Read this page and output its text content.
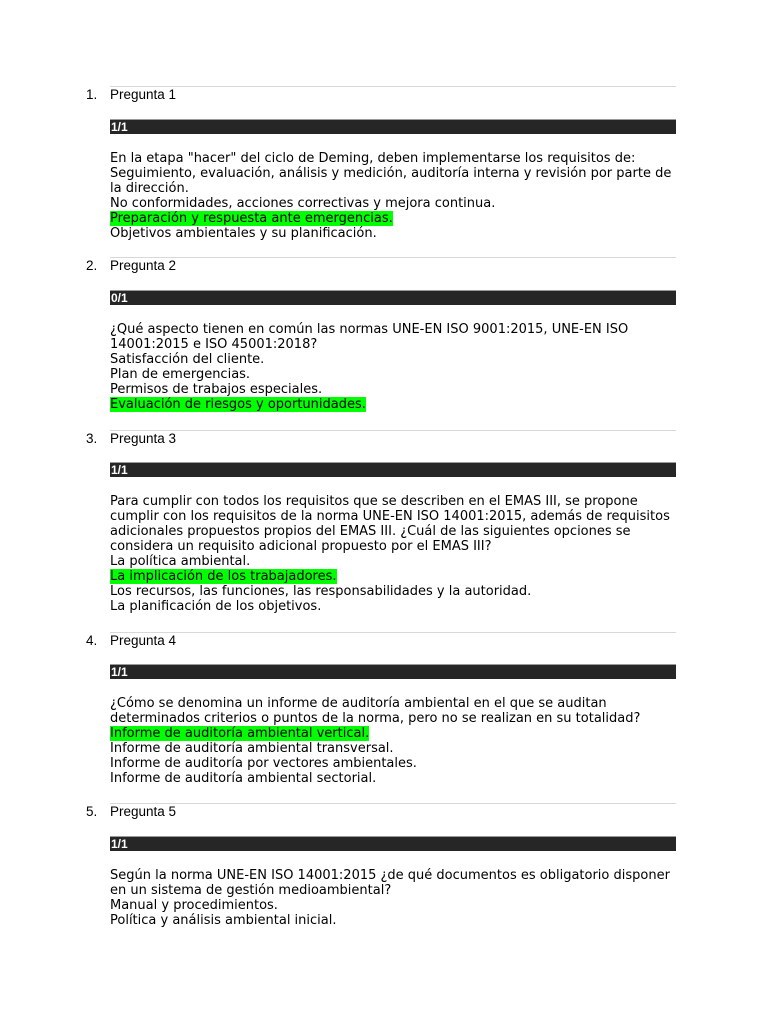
1. Pregunta 1
1/1
En la etapa "hacer" del ciclo de Deming, deben implementarse los requisitos de:
Seguimiento, evaluación, análisis y medición, auditoría interna y revisión por parte de la dirección.
No conformidades, acciones correctivas y mejora continua.
Preparación y respuesta ante emergencias.
Objetivos ambientales y su planificación.
2. Pregunta 2
0/1
¿Qué aspecto tienen en común las normas UNE-EN ISO 9001:2015, UNE-EN ISO 14001:2015 e ISO 45001:2018?
Satisfacción del cliente.
Plan de emergencias.
Permisos de trabajos especiales.
Evaluación de riesgos y oportunidades.
3. Pregunta 3
1/1
Para cumplir con todos los requisitos que se describen en el EMAS III, se propone cumplir con los requisitos de la norma UNE-EN ISO 14001:2015, además de requisitos adicionales propuestos propios del EMAS III. ¿Cuál de las siguientes opciones se considera un requisito adicional propuesto por el EMAS III?
La política ambiental.
La implicación de los trabajadores.
Los recursos, las funciones, las responsabilidades y la autoridad.
La planificación de los objetivos.
4. Pregunta 4
1/1
¿Cómo se denomina un informe de auditoría ambiental en el que se auditan determinados criterios o puntos de la norma, pero no se realizan en su totalidad?
Informe de auditoría ambiental vertical.
Informe de auditoría ambiental transversal.
Informe de auditoría por vectores ambientales.
Informe de auditoría ambiental sectorial.
5. Pregunta 5
1/1
Según la norma UNE-EN ISO 14001:2015 ¿de qué documentos es obligatorio disponer en un sistema de gestión medioambiental?
Manual y procedimientos.
Política y análisis ambiental inicial.
